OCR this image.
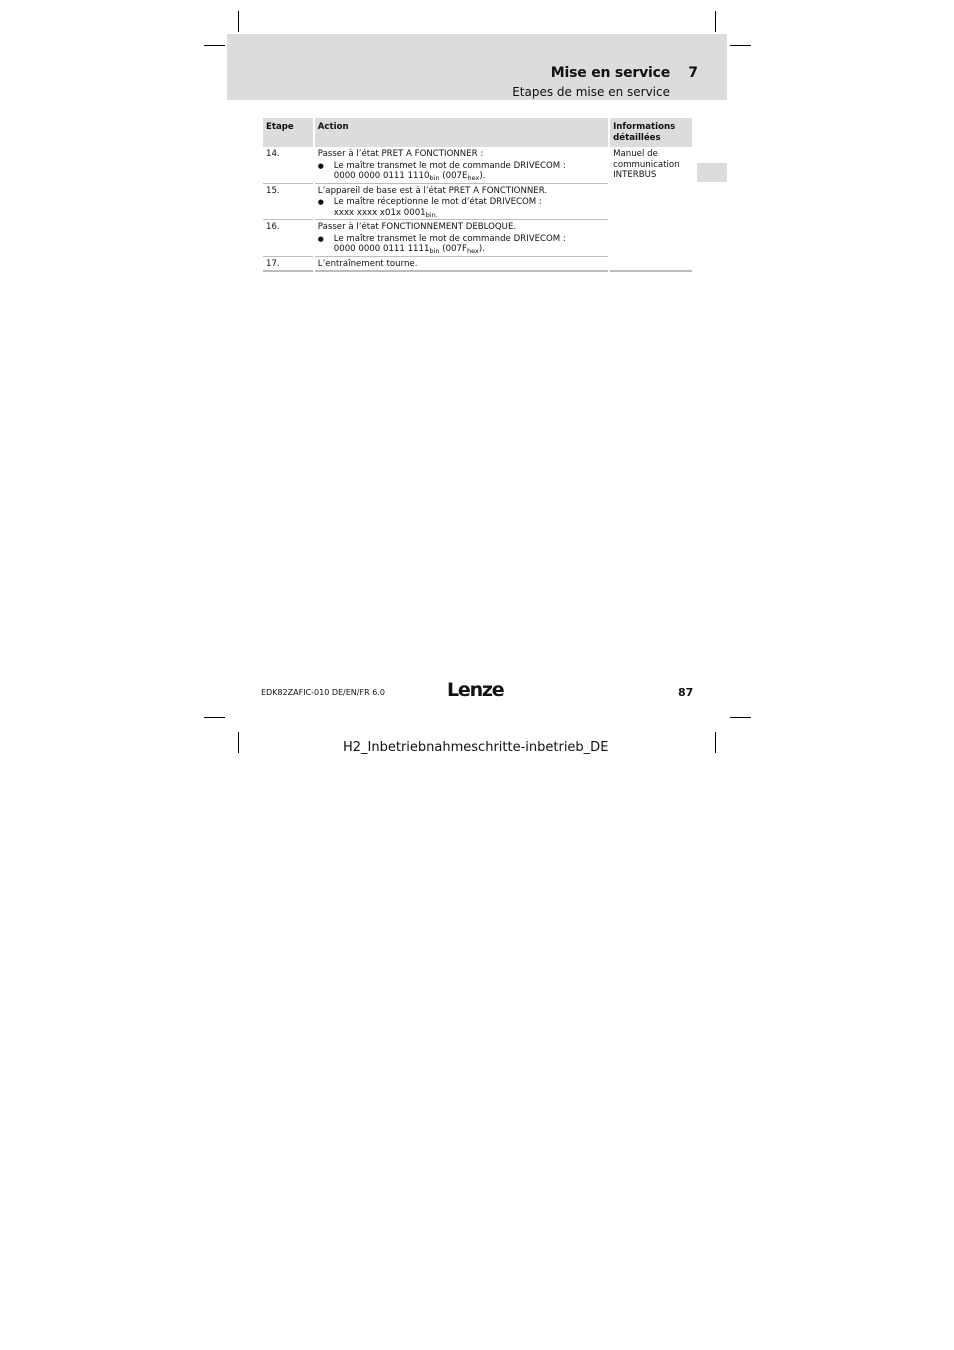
Mise en service 7
Etapes de mise en service
Etape	Action	Informations détaillées
14.	Passer à l’état PRET A FONCTIONNER :
● Le maître transmet le mot de commande DRIVECOM :
0000 0000 0111 $1110_{bin}$ $(007E_{hex})$.	Manuel de communication INTERBUS
15.	L’appareil de base est à l’état PRET A FONCTIONNER.
● Le maître réceptionne le mot d’état DRIVECOM :
xxxx xxxx x01x $0001_{bin.}$

16.	Passer à l’état FONCTIONNEMENT DEBLOQUE.
● Le maître transmet le mot de commande DRIVECOM :
0000 0000 0111 $1111_{bin}$ $(007F_{hex})$.	

17.	L’entraînement tourne.	
EDK82ZAFIC-010 DE/EN/FR 6.0	Lenze	87
H2_Inbetriebnahmeschritte-inbetrieb_DE
